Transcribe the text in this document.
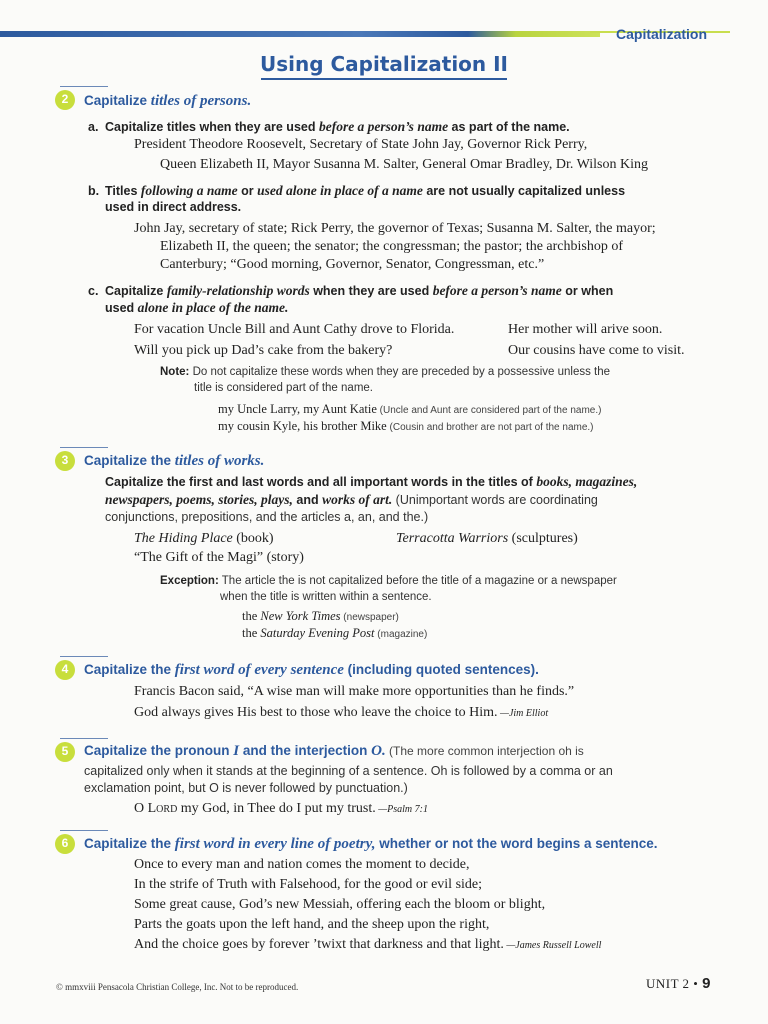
Capitalization
Using Capitalization II
2	Capitalize titles of persons.
a. Capitalize titles when they are used before a person’s name as part of the name.
President Theodore Roosevelt, Secretary of State John Jay, Governor Rick Perry,
Queen Elizabeth II, Mayor Susanna M. Salter, General Omar Bradley, Dr. Wilson King
b. Titles following a name or used alone in place of a name are not usually capitalized unless
used in direct address.
John Jay, secretary of state; Rick Perry, the governor of Texas; Susanna M. Salter, the mayor;
Elizabeth II, the queen; the senator; the congressman; the pastor; the archbishop of
Canterbury; “Good morning, Governor, Senator, Congressman, etc.”
c. Capitalize family-relationship words when they are used before a person’s name or when
used alone in place of the name.
For vacation Uncle Bill and Aunt Cathy drove to Florida.	Her mother will arive soon.
Will you pick up Dad’s cake from the bakery?	Our cousins have come to visit.
Note: Do not capitalize these words when they are preceded by a possessive unless the
title is considered part of the name.
my Uncle Larry, my Aunt Katie (Uncle and Aunt are considered part of the name.)
my cousin Kyle, his brother Mike (Cousin and brother are not part of the name.)
3	Capitalize the titles of works.
Capitalize the first and last words and all important words in the titles of books, magazines,
newspapers, poems, stories, plays, and works of art. (Unimportant words are coordinating
conjunctions, prepositions, and the articles a, an, and the.)
The Hiding Place (book)	Terracotta Warriors (sculptures)
“The Gift of the Magi” (story)
Exception: The article the is not capitalized before the title of a magazine or a newspaper
when the title is written within a sentence.
the New York Times (newspaper)
the Saturday Evening Post (magazine)
4	Capitalize the first word of every sentence (including quoted sentences).
Francis Bacon said, “A wise man will make more opportunities than he finds.”
God always gives His best to those who leave the choice to Him. —Jim Elliot
5	Capitalize the pronoun I and the interjection O. (The more common interjection oh is
capitalized only when it stands at the beginning of a sentence. Oh is followed by a comma or an
exclamation point, but O is never followed by punctuation.)
O Lord my God, in Thee do I put my trust. —Psalm 7:1
6	Capitalize the first word in every line of poetry, whether or not the word begins a sentence.
Once to every man and nation comes the moment to decide,
In the strife of Truth with Falsehood, for the good or evil side;
Some great cause, God’s new Messiah, offering each the bloom or blight,
Parts the goats upon the left hand, and the sheep upon the right,
And the choice goes by forever ’twixt that darkness and that light. —James Russell Lowell
© mmxviii Pensacola Christian College, Inc. Not to be reproduced.	UNIT 2 • 9
